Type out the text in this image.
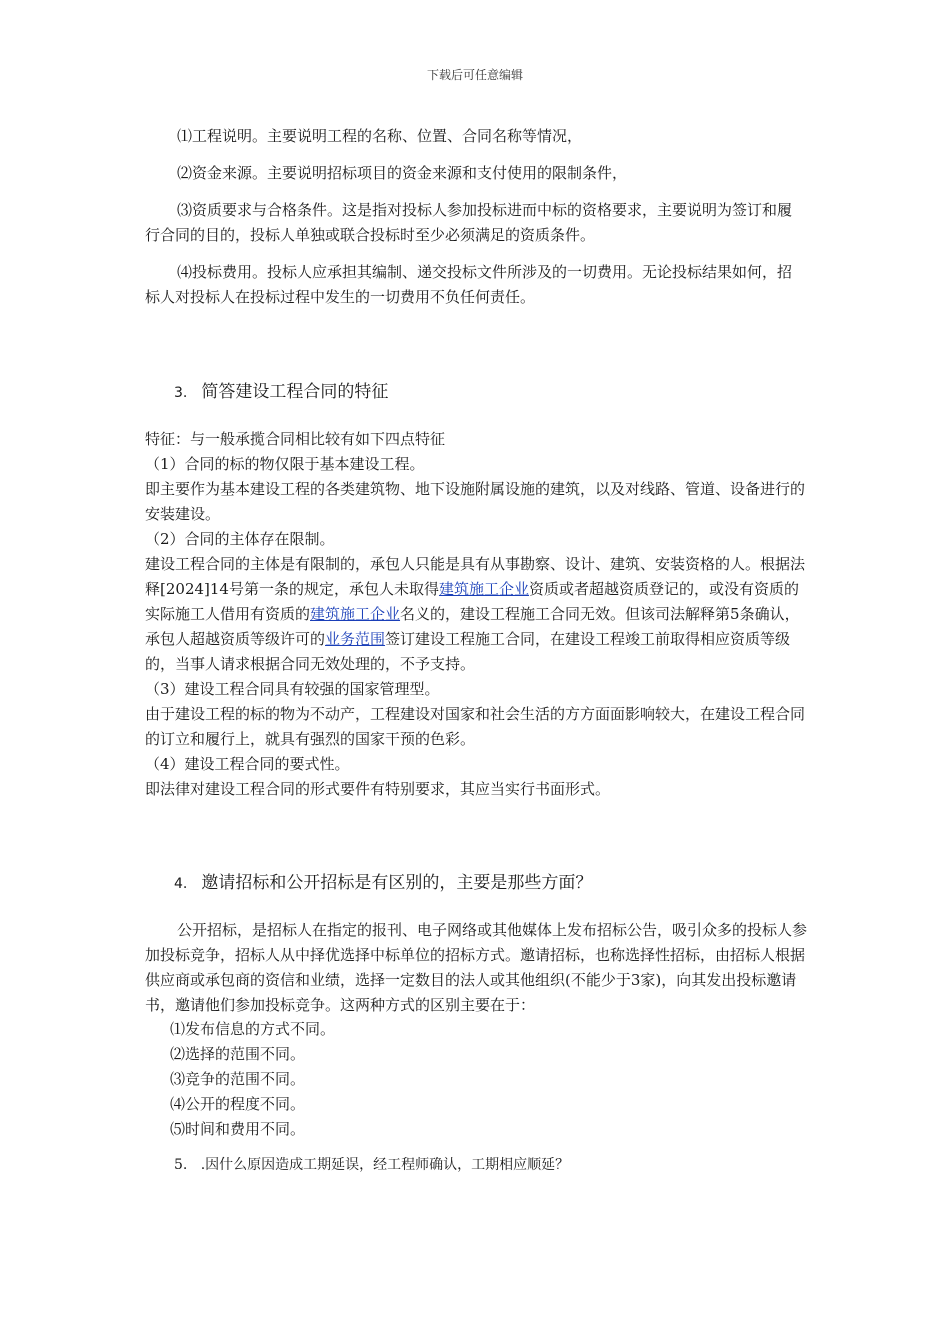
下载后可任意编辑

⑴工程说明。主要说明工程的名称、位置、合同名称等情况，

⑵资金来源。主要说明招标项目的资金来源和支付使用的限制条件，

⑶资质要求与合格条件。这是指对投标人参加投标进而中标的资格要求，主要说明为签订和履行合同的目的，投标人单独或联合投标时至少必须满足的资质条件。

⑷投标费用。投标人应承担其编制、递交投标文件所涉及的一切费用。无论投标结果如何，招标人对投标人在投标过程中发生的一切费用不负任何责任。

3. 简答建设工程合同的特征

特征：与一般承揽合同相比较有如下四点特征

（1）合同的标的物仅限于基本建设工程。

即主要作为基本建设工程的各类建筑物、地下设施附属设施的建筑，以及对线路、管道、设备进行的安装建设。

（2）合同的主体存在限制。

建设工程合同的主体是有限制的，承包人只能是具有从事勘察、设计、建筑、安装资格的人。根据法释[2024]14号第一条的规定，承包人未取得建筑施工企业资质或者超越资质登记的，或没有资质的实际施工人借用有资质的建筑施工企业名义的，建设工程施工合同无效。但该司法解释第5条确认，承包人超越资质等级许可的业务范围签订建设工程施工合同，在建设工程竣工前取得相应资质等级的，当事人请求根据合同无效处理的，不予支持。

（3）建设工程合同具有较强的国家管理型。

由于建设工程的标的物为不动产，工程建设对国家和社会生活的方方面面影响较大，在建设工程合同的订立和履行上，就具有强烈的国家干预的色彩。

（4）建设工程合同的要式性。

即法律对建设工程合同的形式要件有特别要求，其应当实行书面形式。

4. 邀请招标和公开招标是有区别的，主要是那些方面？

公开招标，是招标人在指定的报刊、电子网络或其他媒体上发布招标公告，吸引众多的投标人参加投标竞争，招标人从中择优选择中标单位的招标方式。邀请招标，也称选择性招标，由招标人根据供应商或承包商的资信和业绩，选择一定数目的法人或其他组织(不能少于3家)，向其发出投标邀请书，邀请他们参加投标竞争。这两种方式的区别主要在于：

⑴发布信息的方式不同。
⑵选择的范围不同。
⑶竞争的范围不同。
⑷公开的程度不同。
⑸时间和费用不同。
5. .因什么原因造成工期延误，经工程师确认，工期相应顺延？
